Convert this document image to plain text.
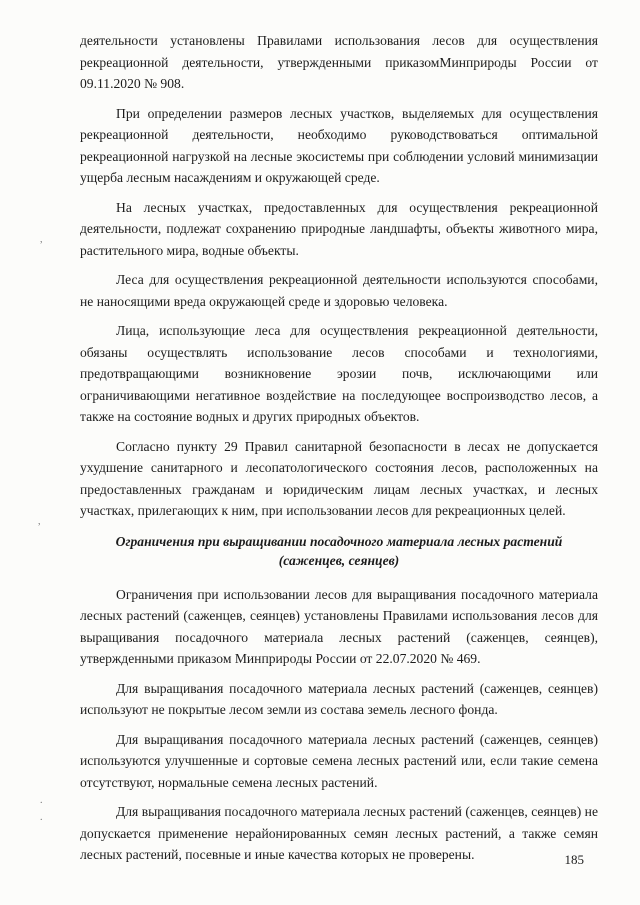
деятельности установлены Правилами использования лесов для осуществления рекреационной деятельности, утвержденными приказомМинприроды России от 09.11.2020 № 908.

При определении размеров лесных участков, выделяемых для осуществления рекреационной деятельности, необходимо руководствоваться оптимальной рекреационной нагрузкой на лесные экосистемы при соблюдении условий минимизации ущерба лесным насаждениям и окружающей среде.

На лесных участках, предоставленных для осуществления рекреационной деятельности, подлежат сохранению природные ландшафты, объекты животного мира, растительного мира, водные объекты.

Леса для осуществления рекреационной деятельности используются способами, не наносящими вреда окружающей среде и здоровью человека.

Лица, использующие леса для осуществления рекреационной деятельности, обязаны осуществлять использование лесов способами и технологиями, предотвращающими возникновение эрозии почв, исключающими или ограничивающими негативное воздействие на последующее воспроизводство лесов, а также на состояние водных и других природных объектов.

Согласно пункту 29 Правил санитарной безопасности в лесах не допускается ухудшение санитарного и лесопатологического состояния лесов, расположенных на предоставленных гражданам и юридическим лицам лесных участках, и лесных участках, прилегающих к ним, при использовании лесов для рекреационных целей.

Ограничения при выращивании посадочного материала лесных растений
(саженцев, сеянцев)

Ограничения при использовании лесов для выращивания посадочного материала лесных растений (саженцев, сеянцев) установлены Правилами использования лесов для выращивания посадочного материала лесных растений (саженцев, сеянцев), утвержденными приказом Минприроды России от 22.07.2020 № 469.

Для выращивания посадочного материала лесных растений (саженцев, сеянцев) используют не покрытые лесом земли из состава земель лесного фонда.

Для выращивания посадочного материала лесных растений (саженцев, сеянцев) используются улучшенные и сортовые семена лесных растений или, если такие семена отсутствуют, нормальные семена лесных растений.

Для выращивания посадочного материала лесных растений (саженцев, сеянцев) не допускается применение нерайонированных семян лесных растений, а также семян лесных растений, посевные и иные качества которых не проверены.	185
,
,
.
.
